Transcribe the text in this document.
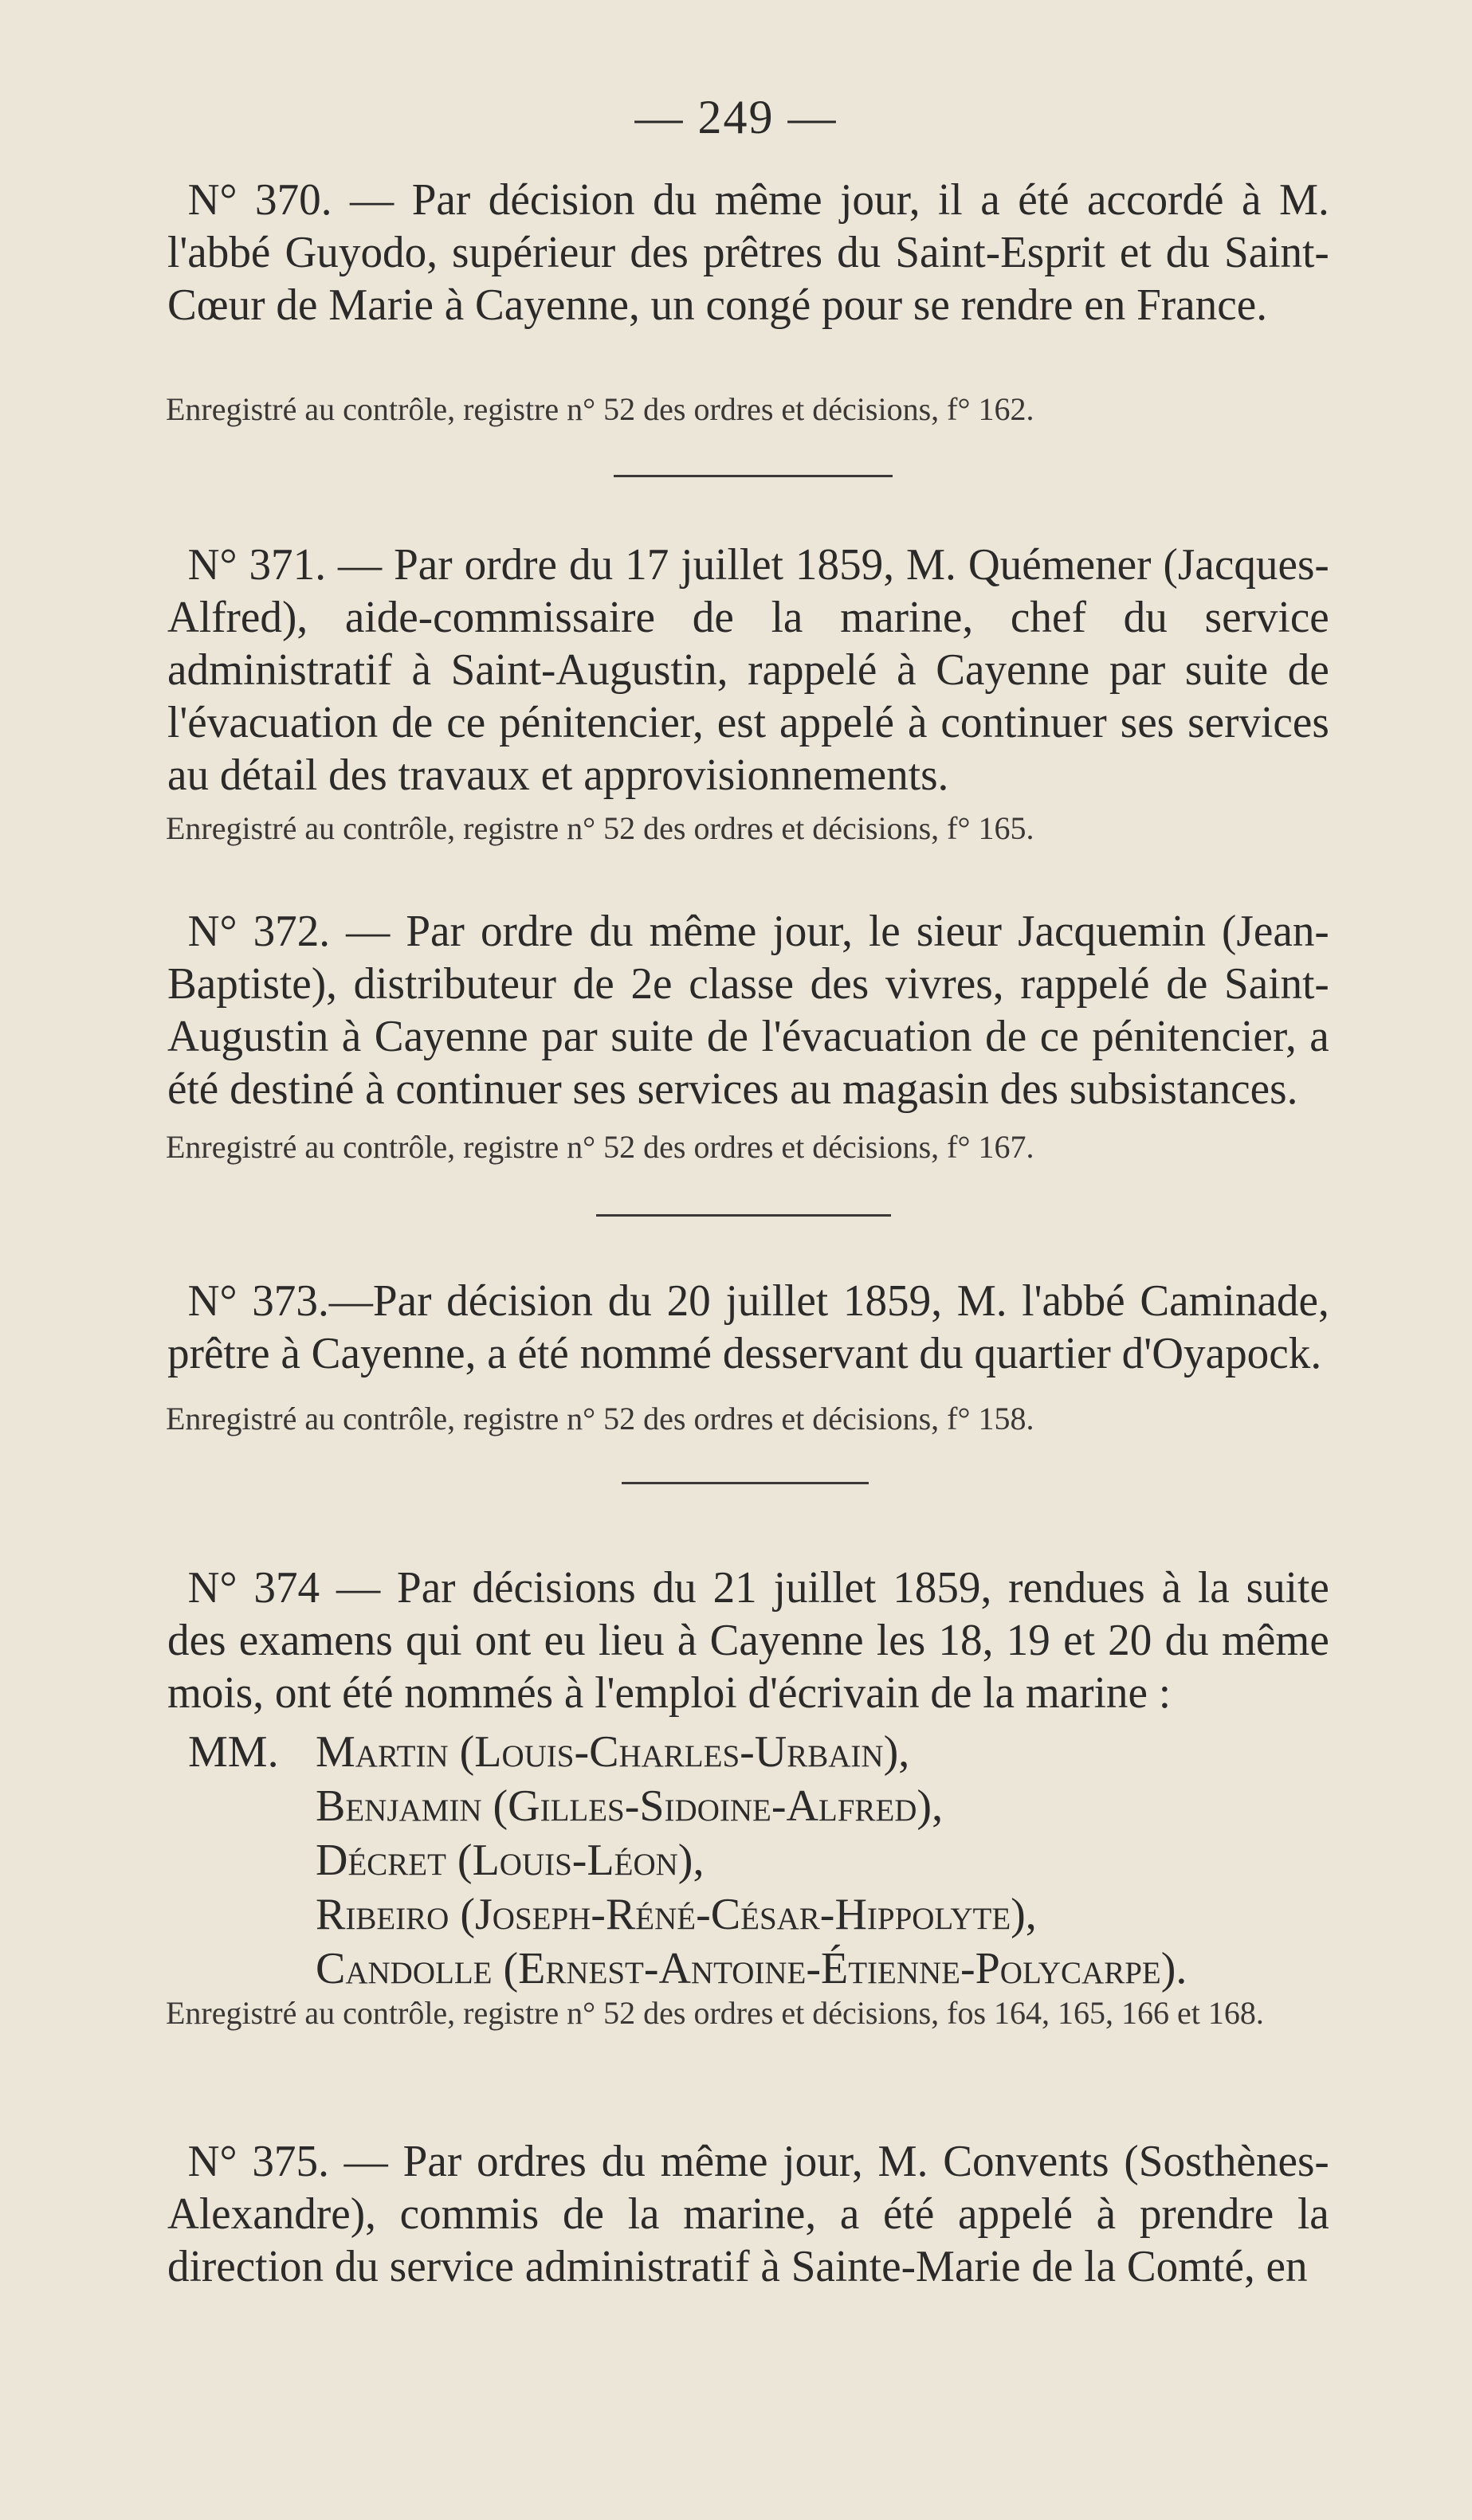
— 249 —

N° 370. — Par décision du même jour, il a été accordé à M. l'abbé Guyodo, supérieur des prêtres du Saint-Esprit et du Saint-Cœur de Marie à Cayenne, un congé pour se rendre en France.

Enregistré au contrôle, registre n° 52 des ordres et décisions, f° 162.

N° 371. — Par ordre du 17 juillet 1859, M. Quémener (Jacques-Alfred), aide-commissaire de la marine, chef du service administratif à Saint-Augustin, rappelé à Cayenne par suite de l'évacuation de ce pénitencier, est appelé à continuer ses services au détail des travaux et approvisionnements.

Enregistré au contrôle, registre n° 52 des ordres et décisions, f° 165.

N° 372. — Par ordre du même jour, le sieur Jacquemin (Jean-Baptiste), distributeur de 2e classe des vivres, rappelé de Saint-Augustin à Cayenne par suite de l'évacuation de ce pénitencier, a été destiné à continuer ses services au magasin des subsistances.

Enregistré au contrôle, registre n° 52 des ordres et décisions, f° 167.

N° 373.—Par décision du 20 juillet 1859, M. l'abbé Caminade, prêtre à Cayenne, a été nommé desservant du quartier d'Oyapock.

Enregistré au contrôle, registre n° 52 des ordres et décisions, f° 158.

N° 374 — Par décisions du 21 juillet 1859, rendues à la suite des examens qui ont eu lieu à Cayenne les 18, 19 et 20 du même mois, ont été nommés à l'emploi d'écrivain de la marine :

MM. Martin (Louis-Charles-Urbain),
Benjamin (Gilles-Sidoine-Alfred),
Décret (Louis-Léon),
Ribeiro (Joseph-Réné-César-Hippolyte),
Candolle (Ernest-Antoine-Étienne-Polycarpe).
Enregistré au contrôle, registre n° 52 des ordres et décisions, fos 164, 165, 166 et 168.

N° 375. — Par ordres du même jour, M. Convents (Sosthènes-Alexandre), commis de la marine, a été appelé à prendre la direction du service administratif à Sainte-Marie de la Comté, en
